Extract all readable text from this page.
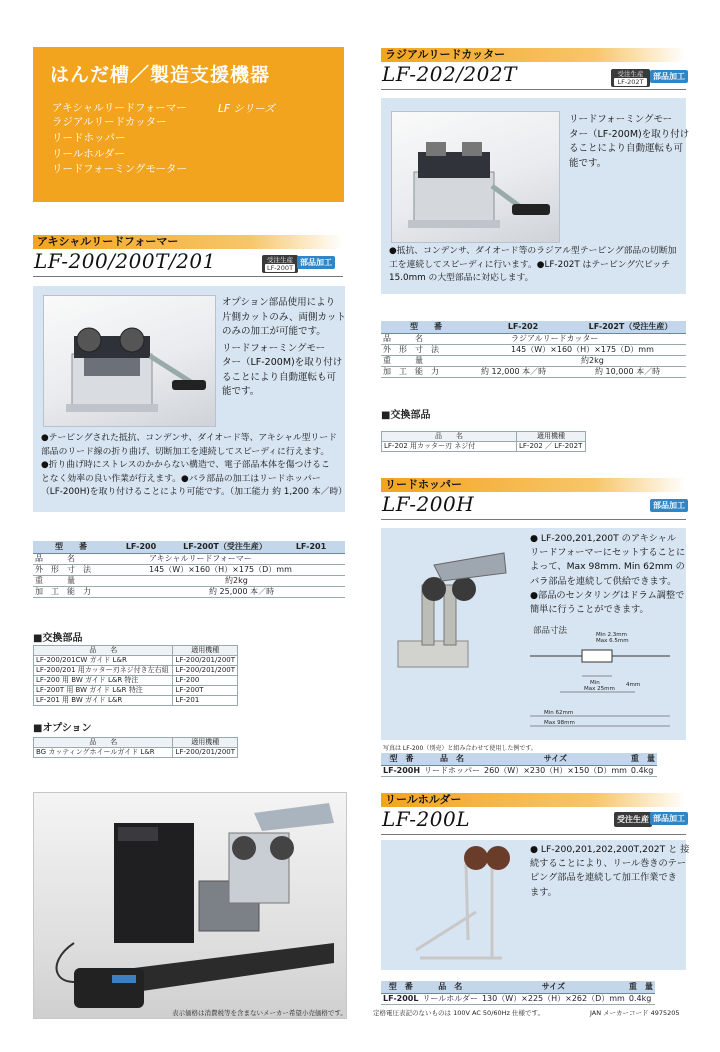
はんだ槽／製造支援機器
アキシャルリードフォーマー
ラジアルリードカッター
リードホッパー
リールホルダー
リードフォーミングモーター
LF シリーズ
アキシャルリードフォーマー
LF-200/200T/201	受注生産
LF-200T
部品加工
オプション部品使用により
片側カットのみ、両側カット
のみの加工が可能です。
リードフォーミングモー
ター（LF-200M)を取り付け
ることにより自動運転も可
能です。
●テーピングされた抵抗、コンデンサ、ダイオード等、アキシャル型リード
部品のリード線の折り曲げ、切断加工を連続してスピーディに行えます。
●折り曲げ時にストレスのかからない構造で、電子部品本体を傷つけるこ
となく効率の良い作業が行えます。●バラ部品の加工はリードホッパー
（LF-200H)を取り付けることにより可能です。（加工能力 約 1,200 本／時）
型　　番	LF-200	LF-200T（受注生産）	LF-201
品　　　名	アキシャルリードフォーマー		
外　形　寸　法	145（W）×160（H）×175（D）mm		
重　　　量	約2kg		
加　工　能　力	約 25,000 本／時		
■交換部品
品　　名	適用機種
LF-200/201CW ガイド L&R	LF-200/201/200T
LF-200/201 用カッター刃ネジ付き左右組	LF-200/201/200T
LF-200 用 BW ガイド L&R 特注	LF-200
LF-200T 用 BW ガイド L&R 特注	LF-200T
LF-201 用 BW ガイド L&R	LF-201
■オプション
品　　名	適用機種
BG カッティングホイールガイド L&R	LF-200/201/200T
ラジアルリードカッター
LF-202/202T	受注生産
LF-202T
部品加工
リードフォーミングモー
ター（LF-200M)を取り付け
ることにより自動運転も可
能です。
●抵抗、コンデンサ、ダイオード等のラジアル型テーピング部品の切断加
工を連続してスピーディに行います。●LF-202T はテーピング穴ピッチ
15.0mm の大型部品に対応します。
型　　番	LF-202	LF-202T（受注生産）
品　　　名	ラジアルリードカッター	
外　形　寸　法	145（W）×160（H）×175（D）mm	
重　　　量	約2kg	
加　工　能　力	約 12,000 本／時	約 10,000 本／時
■交換部品
品　　名	適用機種
LF-202 用カッター刃 ネジ付	LF-202 ／ LF-202T
リードホッパー
LF-200H	部品加工
● LF-200,201,200T のアキシャル
リードフォーマーにセットすることに
よって、Max 98mm. Min 62mm の
バラ部品を連続して供給できます。
●部品のセンタリングはドラム調整で
簡単に行うことができます。
部品寸法	Min 2.3mm
Max 6.5mm
Min
Max 25mm
4mm
Min 62mm
Max 98mm
写真は LF-200（別売）と組み合わせて使用した例です。
型　番	品　名	サイズ	重　量
LF-200H	リードホッパー	260（W）×230（H）×150（D）mm	0.4kg
リールホルダー
LF-200L	受注生産 部品加工
● LF-200,201,202,200T,202T と 接
続することにより、リール巻きのテー
ピング部品を連続して加工作業でき
ます。
型　番	品　名	サイズ	重　量
LF-200L	リールホルダー	130（W）×225（H）×262（D）mm	0.4kg
表示価格は消費税等を含まないメーカー希望小売価格です。	定格電圧表記のないものは 100V AC 50/60Hz 仕様です。	JAN メーカーコード 4975205
